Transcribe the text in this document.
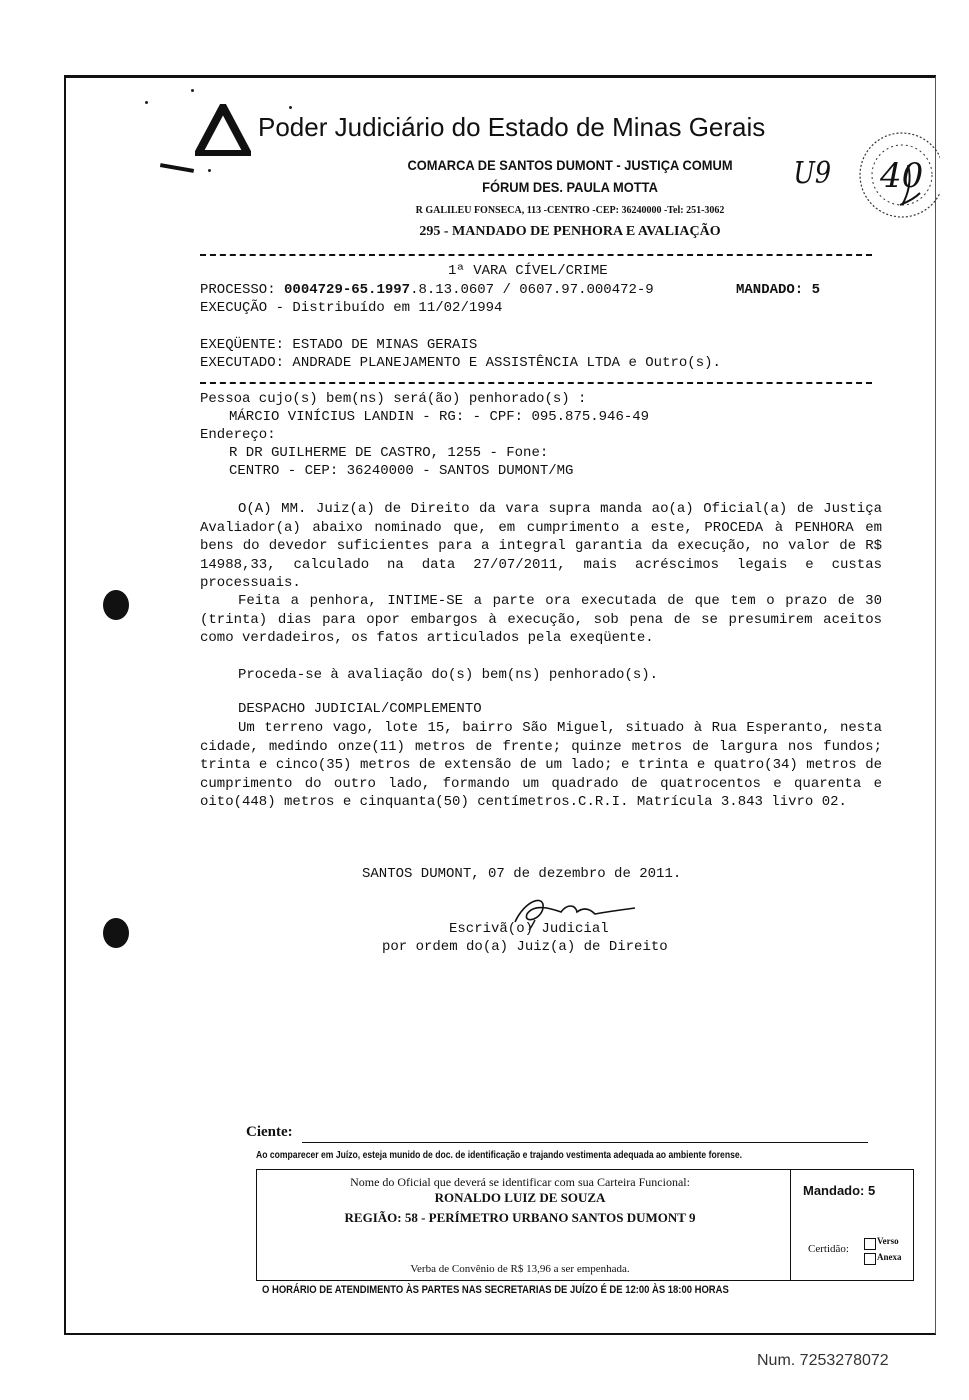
Poder Judiciário do Estado de Minas Gerais
COMARCA DE SANTOS DUMONT - JUSTIÇA COMUM
FÓRUM DES. PAULA MOTTA
R GALILEU FONSECA, 113 -CENTRO -CEP: 36240000 -Tel: 251-3062
295 - MANDADO DE PENHORA E AVALIAÇÃO
U9 40
1ª VARA CÍVEL/CRIME
PROCESSO: 0004729-65.1997.8.13.0607 / 0607.97.000472-9	MANDADO: 5
EXECUÇÃO - Distribuído em 11/02/1994
EXEQÜENTE: ESTADO DE MINAS GERAIS
EXECUTADO: ANDRADE PLANEJAMENTO E ASSISTÊNCIA LTDA e Outro(s).
Pessoa cujo(s) bem(ns) será(ão) penhorado(s) :
MÁRCIO VINÍCIUS LANDIN - RG: - CPF: 095.875.946-49
Endereço:
R DR GUILHERME DE CASTRO, 1255 - Fone:
CENTRO - CEP: 36240000 - SANTOS DUMONT/MG
O(A) MM. Juiz(a) de Direito da vara supra manda ao(a) Oficial(a) de Justiça Avaliador(a) abaixo nominado que, em cumprimento a este, PROCEDA à PENHORA em bens do devedor suficientes para a integral garantia da execução, no valor de R$ 14988,33, calculado na data 27/07/2011, mais acréscimos legais e custas processuais.
Feita a penhora, INTIME-SE a parte ora executada de que tem o prazo de 30 (trinta) dias para opor embargos à execução, sob pena de se presumirem aceitos como verdadeiros, os fatos articulados pela exeqüente.
Proceda-se à avaliação do(s) bem(ns) penhorado(s).
DESPACHO JUDICIAL/COMPLEMENTO
Um terreno vago, lote 15, bairro São Miguel, situado à Rua Esperanto, nesta cidade, medindo onze(11) metros de frente; quinze metros de largura nos fundos; trinta e cinco(35) metros de extensão de um lado; e trinta e quatro(34) metros de cumprimento do outro lado, formando um quadrado de quatrocentos e quarenta e oito(448) metros e cinquanta(50) centímetros.C.R.I. Matrícula 3.843 livro 02.
SANTOS DUMONT, 07 de dezembro de 2011.
Escrivã(o) Judicial
por ordem do(a) Juiz(a) de Direito
Ciente:
Ao comparecer em Juízo, esteja munido de doc. de identificação e trajando vestimenta adequada ao ambiente forense.
Nome do Oficial que deverá se identificar com sua Carteira Funcional:
RONALDO LUIZ DE SOUZA
REGIÃO: 58 - PERÍMETRO URBANO SANTOS DUMONT 9
Verba de Convênio de R$ 13,96 a ser empenhada.
Mandado: 5
Certidão:
Verso
Anexa
O HORÁRIO DE ATENDIMENTO ÀS PARTES NAS SECRETARIAS DE JUÍZO É DE 12:00 ÀS 18:00 HORAS
Num. 7253278072
